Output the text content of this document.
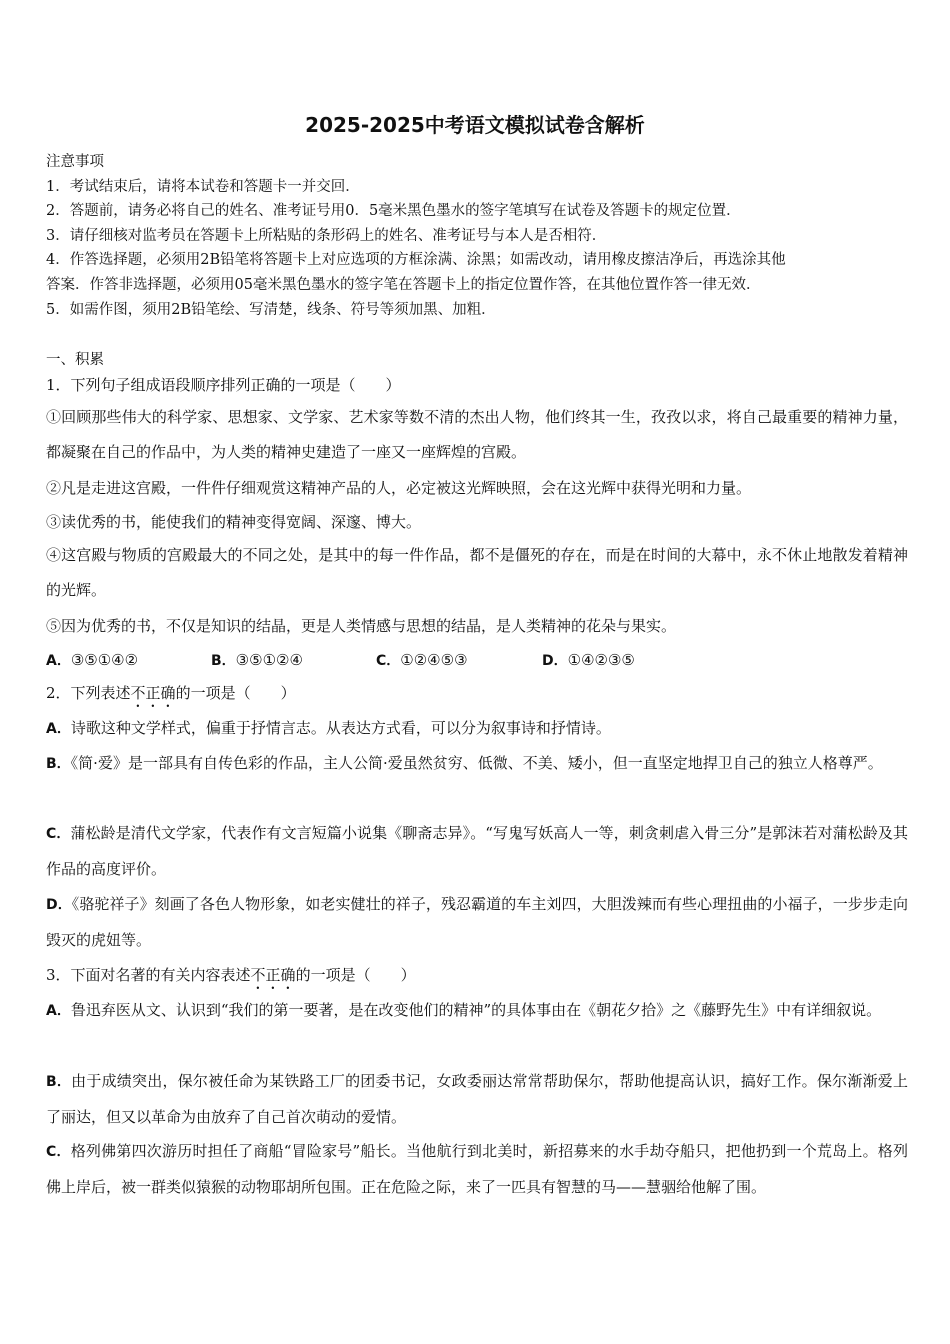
2025-2025中考语文模拟试卷含解析
注意事项
1．考试结束后，请将本试卷和答题卡一并交回．
2．答题前，请务必将自己的姓名、准考证号用0．5毫米黑色墨水的签字笔填写在试卷及答题卡的规定位置．
3．请仔细核对监考员在答题卡上所粘贴的条形码上的姓名、准考证号与本人是否相符．
4．作答选择题，必须用2B铅笔将答题卡上对应选项的方框涂满、涂黑；如需改动，请用橡皮擦洁净后，再选涂其他
答案．作答非选择题，必须用05毫米黑色墨水的签字笔在答题卡上的指定位置作答，在其他位置作答一律无效．
5．如需作图，须用2B铅笔绘、写清楚，线条、符号等须加黑、加粗．
一、积累
1．下列句子组成语段顺序排列正确的一项是（　　）
①回顾那些伟大的科学家、思想家、文学家、艺术家等数不清的杰出人物，他们终其一生，孜孜以求，将自己最重要的精神力量，都凝聚在自己的作品中，为人类的精神史建造了一座又一座辉煌的宫殿。
②凡是走进这宫殿，一件件仔细观赏这精神产品的人，必定被这光辉映照，会在这光辉中获得光明和力量。
③读优秀的书，能使我们的精神变得宽阔、深邃、博大。
④这宫殿与物质的宫殿最大的不同之处，是其中的每一件作品，都不是僵死的存在，而是在时间的大幕中，永不休止地散发着精神的光辉。
⑤因为优秀的书，不仅是知识的结晶，更是人类情感与思想的结晶，是人类精神的花朵与果实。
A．③⑤①④②	B．③⑤①②④	C．①②④⑤③	D．①④②③⑤
2．下列表述不正确的一项是（　　）
A．诗歌这种文学样式，偏重于抒情言志。从表达方式看，可以分为叙事诗和抒情诗。
B．《简·爱》是一部具有自传色彩的作品，主人公简·爱虽然贫穷、低微、不美、矮小，但一直坚定地捍卫自己的独立人格尊严。
C．蒲松龄是清代文学家，代表作有文言短篇小说集《聊斋志异》。“写鬼写妖高人一等，刺贪刺虐入骨三分”是郭沫若对蒲松龄及其作品的高度评价。
D．《骆驼祥子》刻画了各色人物形象，如老实健壮的祥子，残忍霸道的车主刘四，大胆泼辣而有些心理扭曲的小福子，一步步走向毁灭的虎妞等。
3．下面对名著的有关内容表述不正确的一项是（　　）
A．鲁迅弃医从文、认识到“我们的第一要著，是在改变他们的精神”的具体事由在《朝花夕拾》之《藤野先生》中有详细叙说。
B．由于成绩突出，保尔被任命为某铁路工厂的团委书记，女政委丽达常常帮助保尔，帮助他提高认识，搞好工作。保尔渐渐爱上了丽达，但又以革命为由放弃了自己首次萌动的爱情。
C．格列佛第四次游历时担任了商船“冒险家号”船长。当他航行到北美时，新招募来的水手劫夺船只，把他扔到一个荒岛上。格列佛上岸后，被一群类似猿猴的动物耶胡所包围。正在危险之际，来了一匹具有智慧的马——慧骃给他解了围。
